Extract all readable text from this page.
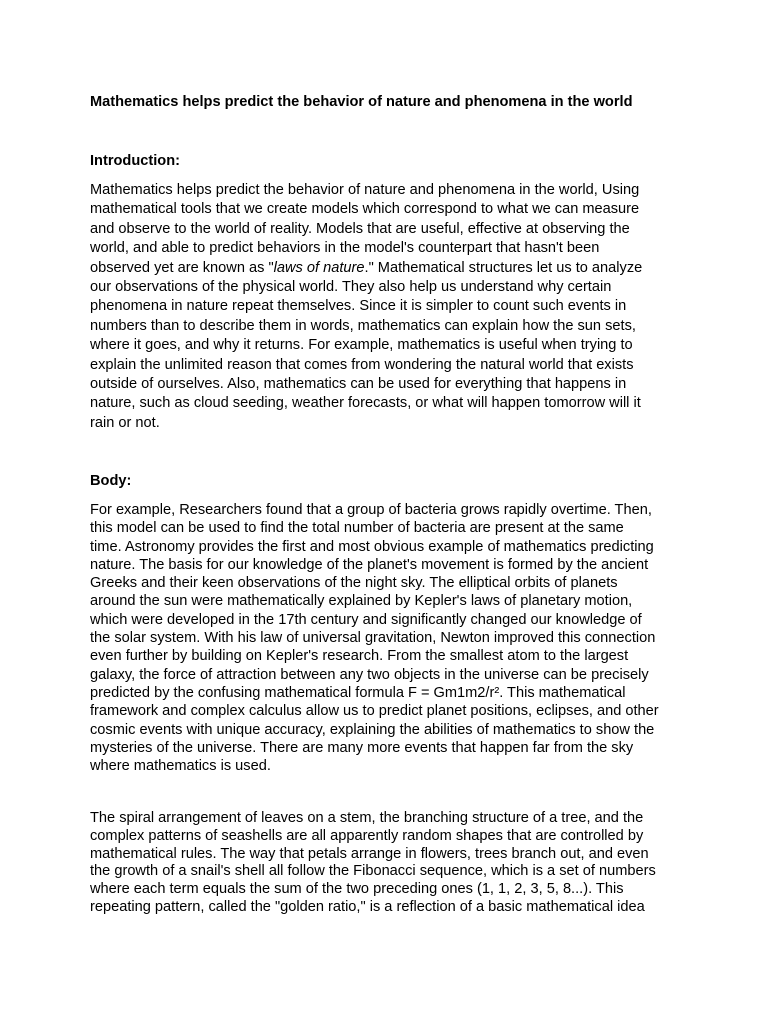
Mathematics helps predict the behavior of nature and phenomena in the world
Introduction:

Mathematics helps predict the behavior of nature and phenomena in the world, Using
mathematical tools that we create models which correspond to what we can measure
and observe to the world of reality. Models that are useful, effective at observing the
world, and able to predict behaviors in the model's counterpart that hasn't been
observed yet are known as "laws of nature." Mathematical structures let us to analyze
our observations of the physical world. They also help us understand why certain
phenomena in nature repeat themselves. Since it is simpler to count such events in
numbers than to describe them in words, mathematics can explain how the sun sets,
where it goes, and why it returns. For example, mathematics is useful when trying to
explain the unlimited reason that comes from wondering the natural world that exists
outside of ourselves. Also, mathematics can be used for everything that happens in
nature, such as cloud seeding, weather forecasts, or what will happen tomorrow will it
rain or not.

Body:

For example, Researchers found that a group of bacteria grows rapidly overtime. Then,
this model can be used to find the total number of bacteria are present at the same
time. Astronomy provides the first and most obvious example of mathematics predicting
nature. The basis for our knowledge of the planet's movement is formed by the ancient
Greeks and their keen observations of the night sky. The elliptical orbits of planets
around the sun were mathematically explained by Kepler's laws of planetary motion,
which were developed in the 17th century and significantly changed our knowledge of
the solar system. With his law of universal gravitation, Newton improved this connection
even further by building on Kepler's research. From the smallest atom to the largest
galaxy, the force of attraction between any two objects in the universe can be precisely
predicted by the confusing mathematical formula F = Gm1m2/r². This mathematical
framework and complex calculus allow us to predict planet positions, eclipses, and other
cosmic events with unique accuracy, explaining the abilities of mathematics to show the
mysteries of the universe. There are many more events that happen far from the sky
where mathematics is used.

The spiral arrangement of leaves on a stem, the branching structure of a tree, and the
complex patterns of seashells are all apparently random shapes that are controlled by
mathematical rules. The way that petals arrange in flowers, trees branch out, and even
the growth of a snail's shell all follow the Fibonacci sequence, which is a set of numbers
where each term equals the sum of the two preceding ones (1, 1, 2, 3, 5, 8...). This
repeating pattern, called the "golden ratio," is a reflection of a basic mathematical idea
